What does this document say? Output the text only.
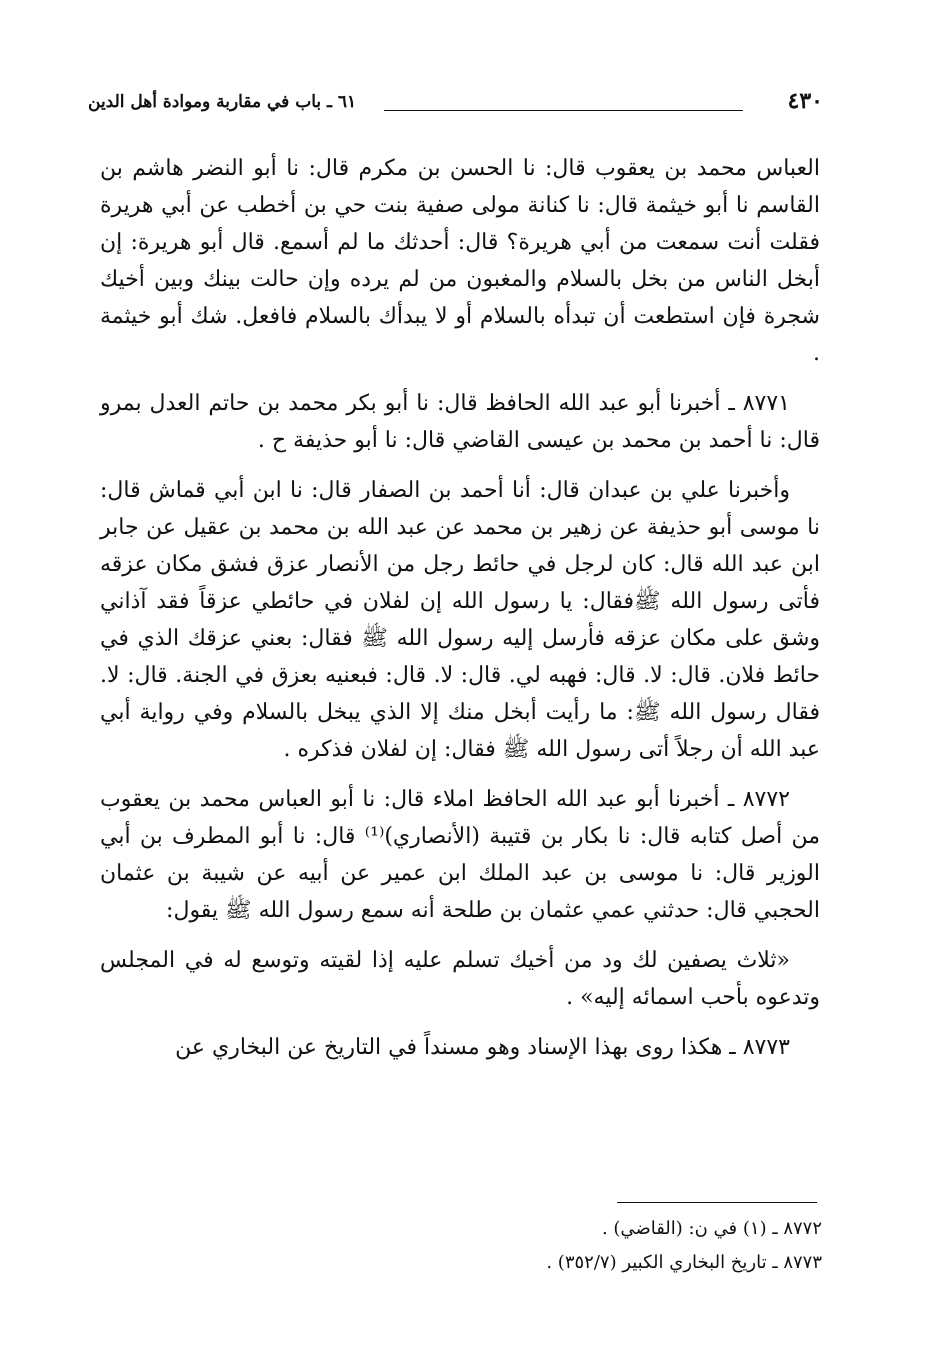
٤٣٠
٦١ ـ باب في مقاربة وموادة أهل الدين

العباس محمد بن يعقوب قال: نا الحسن بن مكرم قال: نا أبو النضر هاشم بن القاسم نا أبو خيثمة قال: نا كنانة مولى صفية بنت حي بن أخطب عن أبي هريرة فقلت أنت سمعت من أبي هريرة؟ قال: أحدثك ما لم أسمع. قال أبو هريرة: إن أبخل الناس من بخل بالسلام والمغبون من لم يرده وإن حالت بينك وبين أخيك شجرة فإن استطعت أن تبدأه بالسلام أو لا يبدأك بالسلام فافعل. شك أبو خيثمة .

٨٧٧١ ـ أخبرنا أبو عبد الله الحافظ قال: نا أبو بكر محمد بن حاتم العدل بمرو قال: نا أحمد بن محمد بن عيسى القاضي قال: نا أبو حذيفة ح .

وأخبرنا علي بن عبدان قال: أنا أحمد بن الصفار قال: نا ابن أبي قماش قال: نا موسى أبو حذيفة عن زهير بن محمد عن عبد الله بن محمد بن عقيل عن جابر ابن عبد الله قال: كان لرجل في حائط رجل من الأنصار عزق فشق مكان عزقه فأتى رسول الله ﷺفقال: يا رسول الله إن لفلان في حائطي عزقاً فقد آذاني وشق على مكان عزقه فأرسل إليه رسول الله ﷺ فقال: بعني عزقك الذي في حائط فلان. قال: لا. قال: فهبه لي. قال: لا. قال: فبعنيه بعزق في الجنة. قال: لا. فقال رسول الله ﷺ: ما رأيت أبخل منك إلا الذي يبخل بالسلام وفي رواية أبي عبد الله أن رجلاً أتى رسول الله ﷺ فقال: إن لفلان فذكره .

٨٧٧٢ ـ أخبرنا أبو عبد الله الحافظ املاء قال: نا أبو العباس محمد بن يعقوب من أصل كتابه قال: نا بكار بن قتيبة (الأنصاري)⁽¹⁾ قال: نا أبو المطرف بن أبي الوزير قال: نا موسى بن عبد الملك ابن عمير عن أبيه عن شيبة بن عثمان الحجبي قال: حدثني عمي عثمان بن طلحة أنه سمع رسول الله ﷺ يقول:

«ثلاث يصفين لك ود من أخيك تسلم عليه إذا لقيته وتوسع له في المجلس وتدعوه بأحب اسمائه إليه» .

٨٧٧٣ ـ هكذا روى بهذا الإسناد وهو مسنداً في التاريخ عن البخاري عن

٨٧٧٢ ـ (١) في ن: (القاضي) .

٨٧٧٣ ـ تاريخ البخاري الكبير (٣٥٢/٧) .
